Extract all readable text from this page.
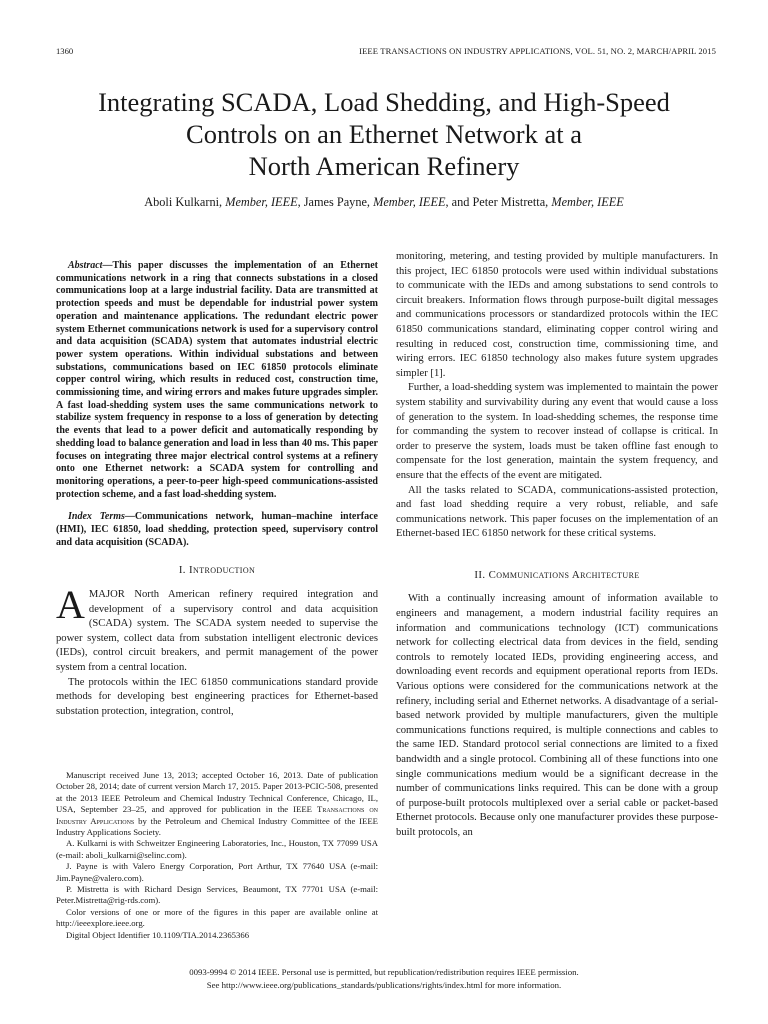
1360	IEEE TRANSACTIONS ON INDUSTRY APPLICATIONS, VOL. 51, NO. 2, MARCH/APRIL 2015
Integrating SCADA, Load Shedding, and High-Speed
Controls on an Ethernet Network at a
North American Refinery
Aboli Kulkarni, Member, IEEE, James Payne, Member, IEEE, and Peter Mistretta, Member, IEEE

Abstract—This paper discusses the implementation of an Ethernet communications network in a ring that connects substations in a closed communications loop at a large industrial facility. Data are transmitted at protection speeds and must be dependable for industrial power system operation and maintenance applications. The redundant electric power system Ethernet communications network is used for a supervisory control and data acquisition (SCADA) system that automates industrial electric power system operations. Within individual substations and between substations, communications based on IEC 61850 protocols eliminate copper control wiring, which results in reduced cost, construction time, commissioning time, and wiring errors and makes future upgrades simpler. A fast load-shedding system uses the same communications network to stabilize system frequency in response to a loss of generation by detecting the events that lead to a power deficit and automatically responding by shedding load to balance generation and load in less than 40 ms. This paper focuses on integrating three major electrical control systems at a refinery onto one Ethernet network: a SCADA system for controlling and monitoring operations, a peer-to-peer high-speed communications-assisted protection scheme, and a fast load-shedding system.

Index Terms—Communications network, human–machine interface (HMI), IEC 61850, load shedding, protection speed, supervisory control and data acquisition (SCADA).

I. Introduction

AMAJOR North American refinery required integration and development of a supervisory control and data acquisition (SCADA) system. The SCADA system needed to supervise the power system, collect data from substation intelligent electronic devices (IEDs), control circuit breakers, and permit management of the power system from a central location.

The protocols within the IEC 61850 communications standard provide methods for developing best engineering practices for Ethernet-based substation protection, integration, control,

Manuscript received June 13, 2013; accepted October 16, 2013. Date of publication October 28, 2014; date of current version March 17, 2015. Paper 2013-PCIC-508, presented at the 2013 IEEE Petroleum and Chemical Industry Technical Conference, Chicago, IL, USA, September 23–25, and approved for publication in the IEEE Transactions on Industry Applications by the Petroleum and Chemical Industry Committee of the IEEE Industry Applications Society.

A. Kulkarni is with Schweitzer Engineering Laboratories, Inc., Houston, TX 77099 USA (e-mail: aboli_kulkarni@selinc.com).

J. Payne is with Valero Energy Corporation, Port Arthur, TX 77640 USA (e-mail: Jim.Payne@valero.com).

P. Mistretta is with Richard Design Services, Beaumont, TX 77701 USA (e-mail: Peter.Mistretta@rig-rds.com).

Color versions of one or more of the figures in this paper are available online at http://ieeexplore.ieee.org.

Digital Object Identifier 10.1109/TIA.2014.2365366

monitoring, metering, and testing provided by multiple manufacturers. In this project, IEC 61850 protocols were used within individual substations to communicate with the IEDs and among substations to send controls to circuit breakers. Information flows through purpose-built digital messages and communications processors or standardized protocols within the IEC 61850 communications standard, eliminating copper control wiring and resulting in reduced cost, construction time, commissioning time, and wiring errors. IEC 61850 technology also makes future system upgrades simpler [1].

Further, a load-shedding system was implemented to maintain the power system stability and survivability during any event that would cause a loss of generation to the system. In load-shedding schemes, the response time for commanding the system to recover instead of collapse is critical. In order to preserve the system, loads must be taken offline fast enough to compensate for the lost generation, maintain the system frequency, and ensure that the effects of the event are mitigated.

All the tasks related to SCADA, communications-assisted protection, and fast load shedding require a very robust, reliable, and safe communications network. This paper focuses on the implementation of an Ethernet-based IEC 61850 network for these critical systems.

II. Communications Architecture

With a continually increasing amount of information available to engineers and management, a modern industrial facility requires an information and communications technology (ICT) communications network for collecting electrical data from devices in the field, sending controls to remotely located IEDs, providing engineering access, and downloading event records and equipment operational reports from IEDs. Various options were considered for the communications network at the refinery, including serial and Ethernet networks. A disadvantage of a serial-based network provided by multiple manufacturers, given the multiple communications functions required, is multiple connections and cables to the same IED. Standard protocol serial connections are limited to a fixed bandwidth and a single protocol. Combining all of these functions into one single communications medium would be a significant decrease in the number of communications links required. This can be done with a group of purpose-built protocols multiplexed over a serial cable or packet-based Ethernet protocols. Because only one manufacturer provides these purpose-built protocols, an

0093-9994 © 2014 IEEE. Personal use is permitted, but republication/redistribution requires IEEE permission.
See http://www.ieee.org/publications_standards/publications/rights/index.html for more information.
